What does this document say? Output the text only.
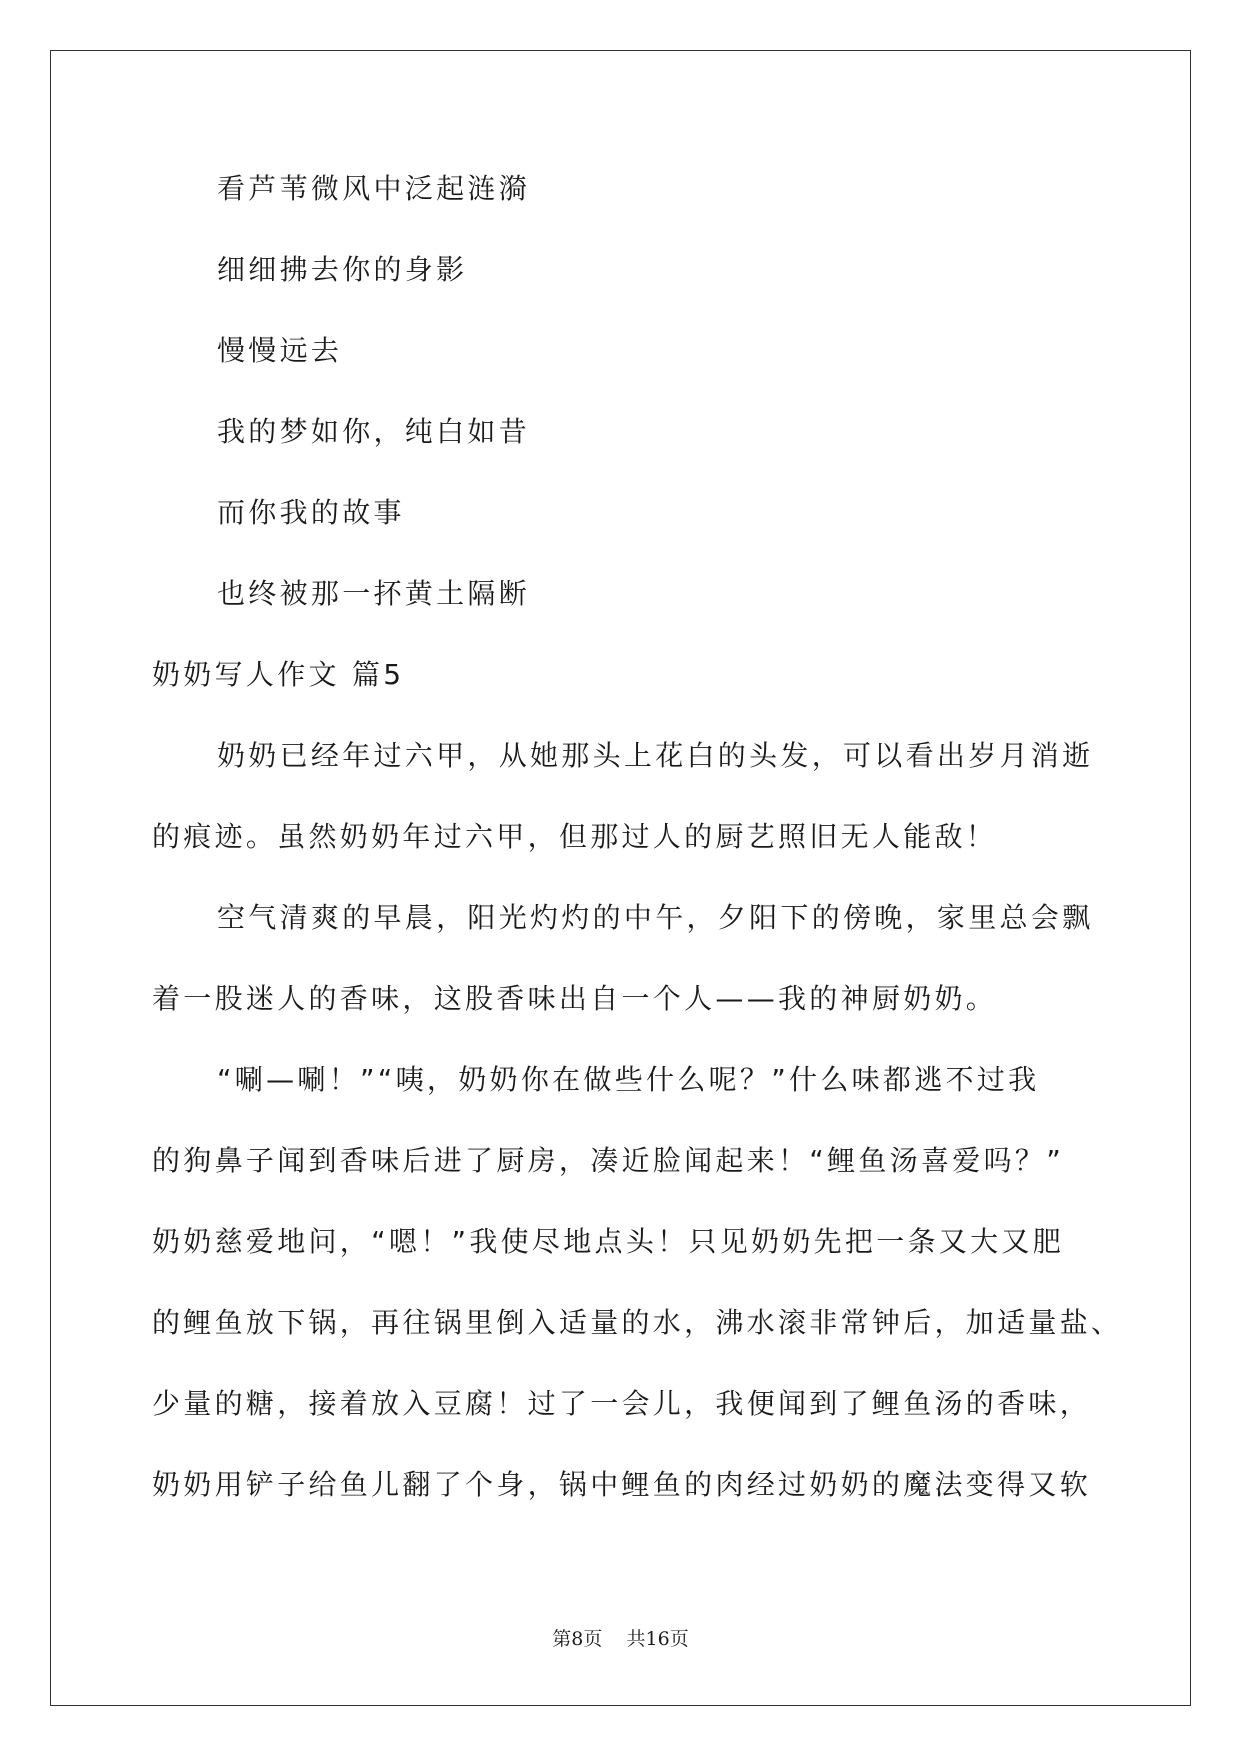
看芦苇微风中泛起涟漪
细细拂去你的身影
慢慢远去
我的梦如你，纯白如昔
而你我的故事
也终被那一抔黄土隔断
奶奶写人作文 篇5
奶奶已经年过六甲，从她那头上花白的头发，可以看出岁月消逝
的痕迹。虽然奶奶年过六甲，但那过人的厨艺照旧无人能敌！
空气清爽的早晨，阳光灼灼的中午，夕阳下的傍晚，家里总会飘
着一股迷人的香味，这股香味出自一个人——我的神厨奶奶。
“唰—唰！”“咦，奶奶你在做些什么呢？”什么味都逃不过我
的狗鼻子闻到香味后进了厨房，凑近脸闻起来！“鲤鱼汤喜爱吗？”
奶奶慈爱地问，“嗯！”我使尽地点头！只见奶奶先把一条又大又肥
的鲤鱼放下锅，再往锅里倒入适量的水，沸水滚非常钟后，加适量盐、
少量的糖，接着放入豆腐！过了一会儿，我便闻到了鲤鱼汤的香味，
奶奶用铲子给鱼儿翻了个身，锅中鲤鱼的肉经过奶奶的魔法变得又软
第8页 共16页
